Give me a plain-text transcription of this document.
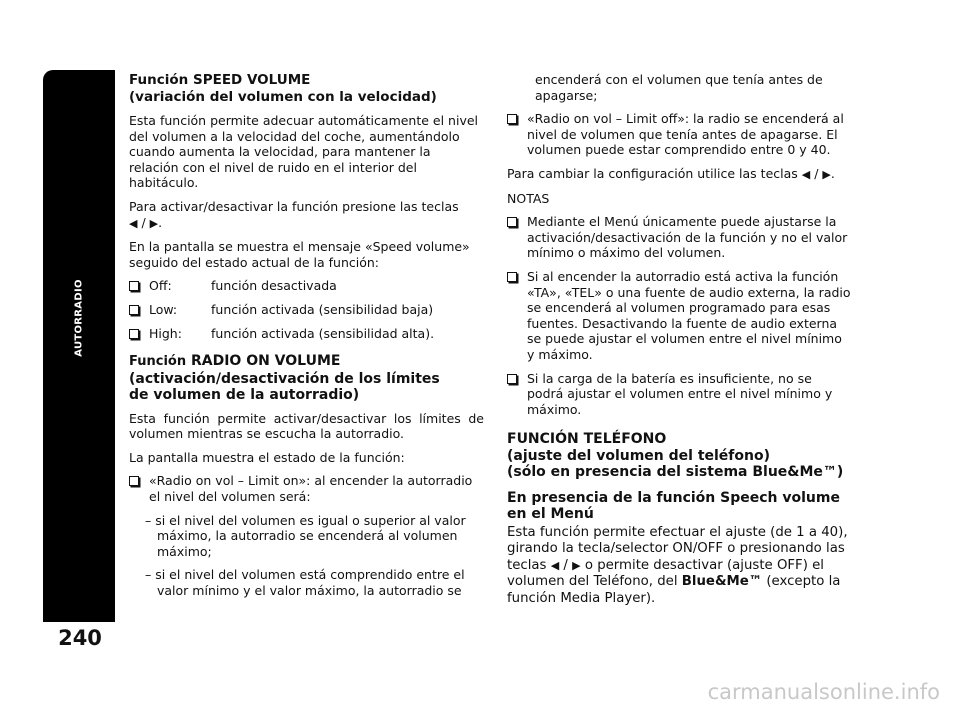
AUTORRADIO
240
Función SPEED VOLUME
(variación del volumen con la velocidad)

Esta función permite adecuar automáticamente el nivel del volumen a la velocidad del coche, aumentándolo cuando aumenta la velocidad, para mantener la relación con el nivel de ruido en el interior del habitáculo.

Para activar/desactivar la función presione las teclas
◀ / ▶.

En la pantalla se muestra el mensaje «Speed volume» seguido del estado actual de la función:

Off:	función desactivada
Low:	función activada (sensibilidad baja)
High:	función activada (sensibilidad alta).
Función RADIO ON VOLUME
(activación/desactivación de los límites
de volumen de la autorradio)

Esta función permite activar/desactivar los límites de volumen mientras se escucha la autorradio.

La pantalla muestra el estado de la función:

«Radio on vol – Limit on»: al encender la autorradio el nivel del volumen será:

– si el nivel del volumen es igual o superior al valor máximo, la autorradio se encenderá al volumen máximo;

– si el nivel del volumen está comprendido entre el valor mínimo y el valor máximo, la autorradio se

encenderá con el volumen que tenía antes de apagarse;

«Radio on vol – Limit off»: la radio se encenderá al nivel de volumen que tenía antes de apagarse. El volumen puede estar comprendido entre 0 y 40.

Para cambiar la configuración utilice las teclas ◀ / ▶.

NOTAS

Mediante el Menú únicamente puede ajustarse la activación/desactivación de la función y no el valor mínimo o máximo del volumen.
Si al encender la autorradio está activa la función «TA», «TEL» o una fuente de audio externa, la radio se encenderá al volumen programado para esas fuentes. Desactivando la fuente de audio externa se puede ajustar el volumen entre el nivel mínimo y máximo.
Si la carga de la batería es insuficiente, no se podrá ajustar el volumen entre el nivel mínimo y máximo.
FUNCIÓN TELÉFONO
(ajuste del volumen del teléfono)
(sólo en presencia del sistema Blue&Me™)
En presencia de la función Speech volume
en el Menú

Esta función permite efectuar el ajuste (de 1 a 40), girando la tecla/selector ON/OFF o presionando las teclas ◀ / ▶ o permite desactivar (ajuste OFF) el volumen del Teléfono, del Blue&Me™ (excepto la función Media Player).

carmanualsonline.info
